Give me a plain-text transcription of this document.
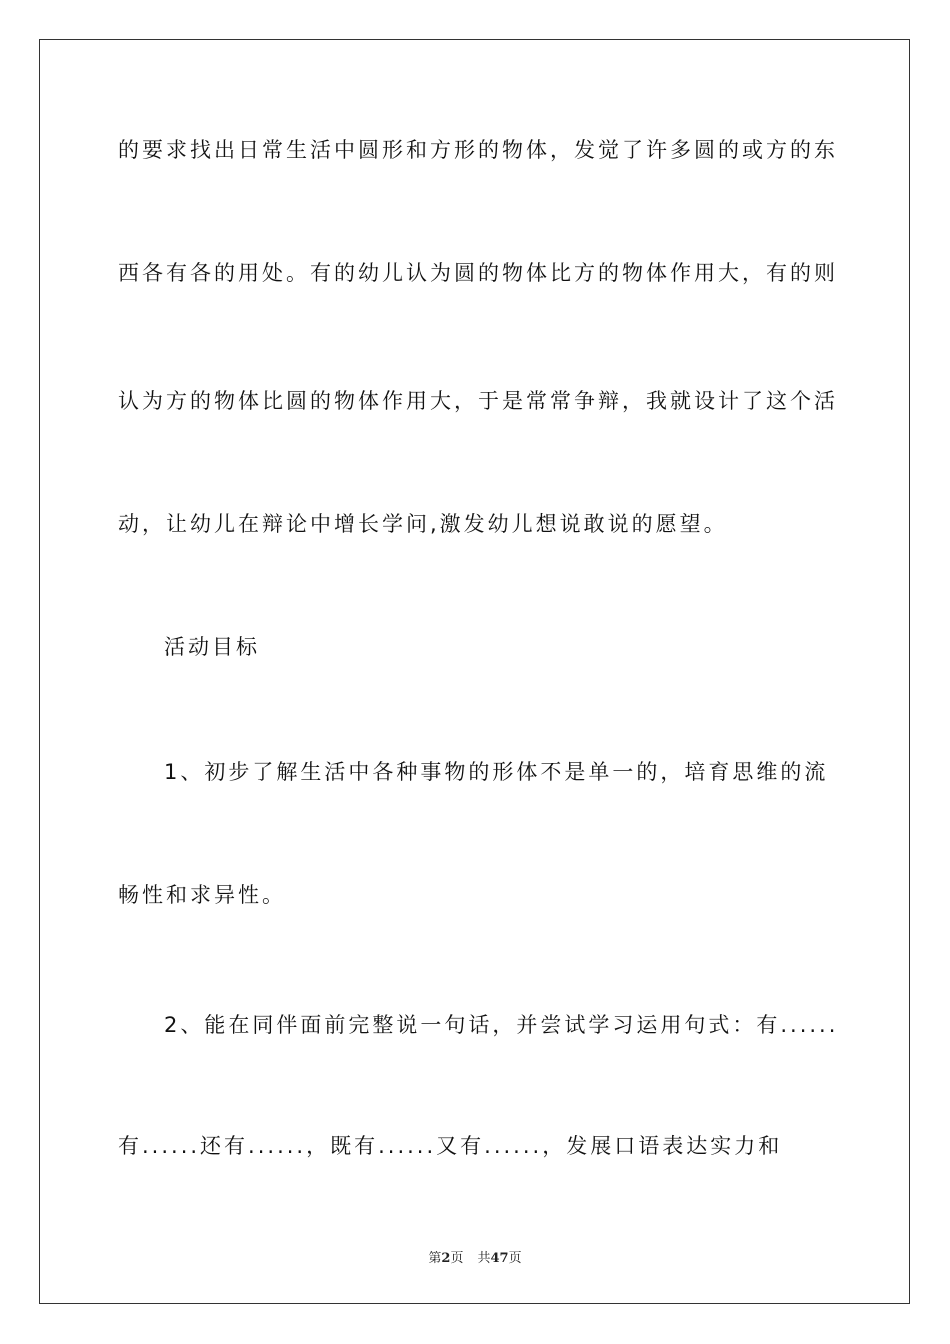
的要求找出日常生活中圆形和方形的物体，发觉了许多圆的或方的东
西各有各的用处。有的幼儿认为圆的物体比方的物体作用大，有的则
认为方的物体比圆的物体作用大，于是常常争辩，我就设计了这个活
动，让幼儿在辩论中增长学问,激发幼儿想说敢说的愿望。
活动目标
1、初步了解生活中各种事物的形体不是单一的，培育思维的流
畅性和求异性。
2、能在同伴面前完整说一句话，并尝试学习运用句式：有......
有......还有......，既有......又有......，发展口语表达实力和
第2页 共47页
